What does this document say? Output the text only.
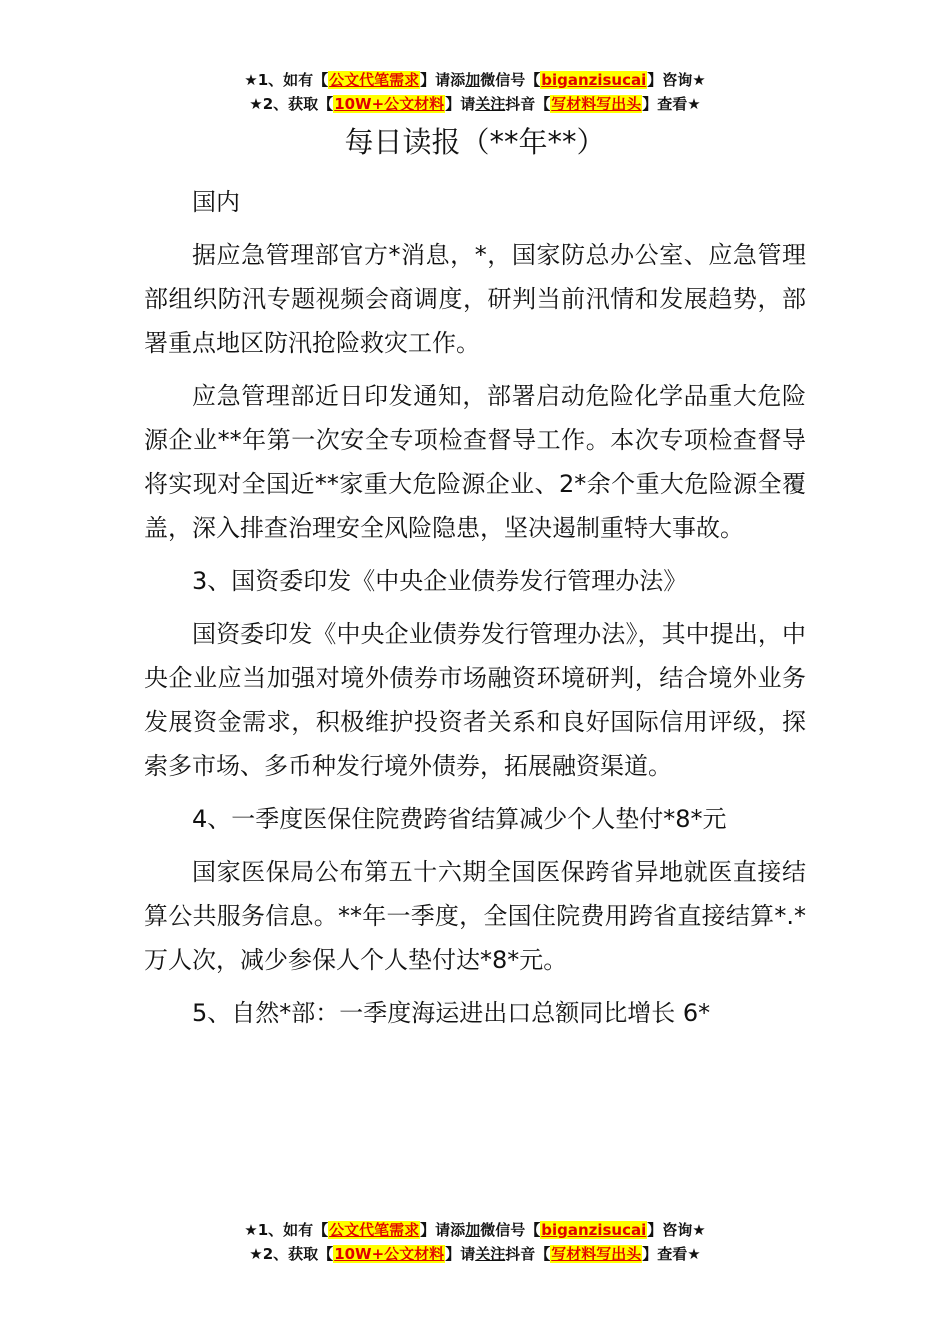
★1、如有【公文代笔需求】请添加微信号【biganzisucai】咨询★
★2、获取【10W+公文材料】请关注抖音【写材料写出头】查看★
每日读报（**年**）

国内

据应急管理部官方*消息，*，国家防总办公室、应急管理部组织防汛专题视频会商调度，研判当前汛情和发展趋势，部署重点地区防汛抢险救灾工作。

应急管理部近日印发通知，部署启动危险化学品重大危险源企业**年第一次安全专项检查督导工作。本次专项检查督导将实现对全国近**家重大危险源企业、2*余个重大危险源全覆盖，深入排查治理安全风险隐患，坚决遏制重特大事故。

3、国资委印发《中央企业债券发行管理办法》

国资委印发《中央企业债券发行管理办法》，其中提出，中央企业应当加强对境外债券市场融资环境研判，结合境外业务发展资金需求，积极维护投资者关系和良好国际信用评级，探索多市场、多币种发行境外债券，拓展融资渠道。

4、一季度医保住院费跨省结算减少个人垫付*8*元

国家医保局公布第五十六期全国医保跨省异地就医直接结算公共服务信息。**年一季度，全国住院费用跨省直接结算*.*万人次，减少参保人个人垫付达*8*元。

5、自然*部：一季度海运进出口总额同比增长 6*

★1、如有【公文代笔需求】请添加微信号【biganzisucai】咨询★
★2、获取【10W+公文材料】请关注抖音【写材料写出头】查看★
